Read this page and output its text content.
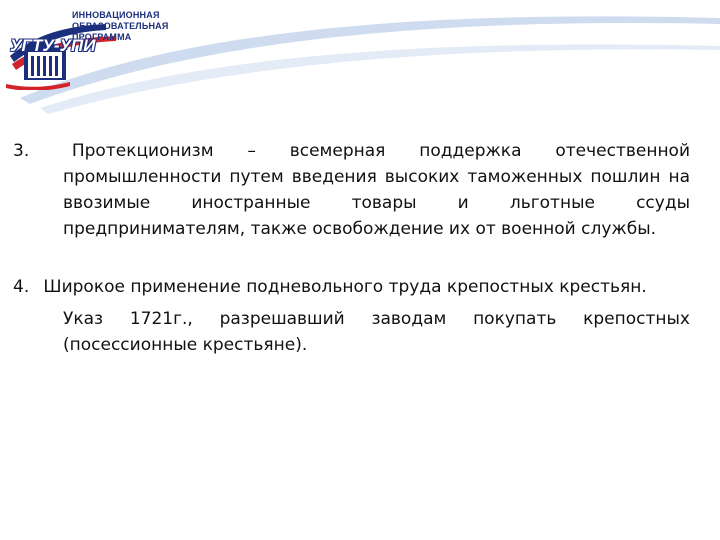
ИННОВАЦИОННАЯ
ОБРАЗОВАТЕЛЬНАЯ
ПРОГРАММА
УГТУ-УПИ
3.	Протекционизм – всемерная поддержка отечественной промышленности путем введения высоких таможенных пошлин на ввозимые иностранные товары и льготные ссуды предпринимателям, также освобождение их от военной службы.
4. Широкое применение подневольного труда крепостных крестьян.
Указ 1721г., разрешавший заводам покупать крепостных (посессионные крестьяне).
